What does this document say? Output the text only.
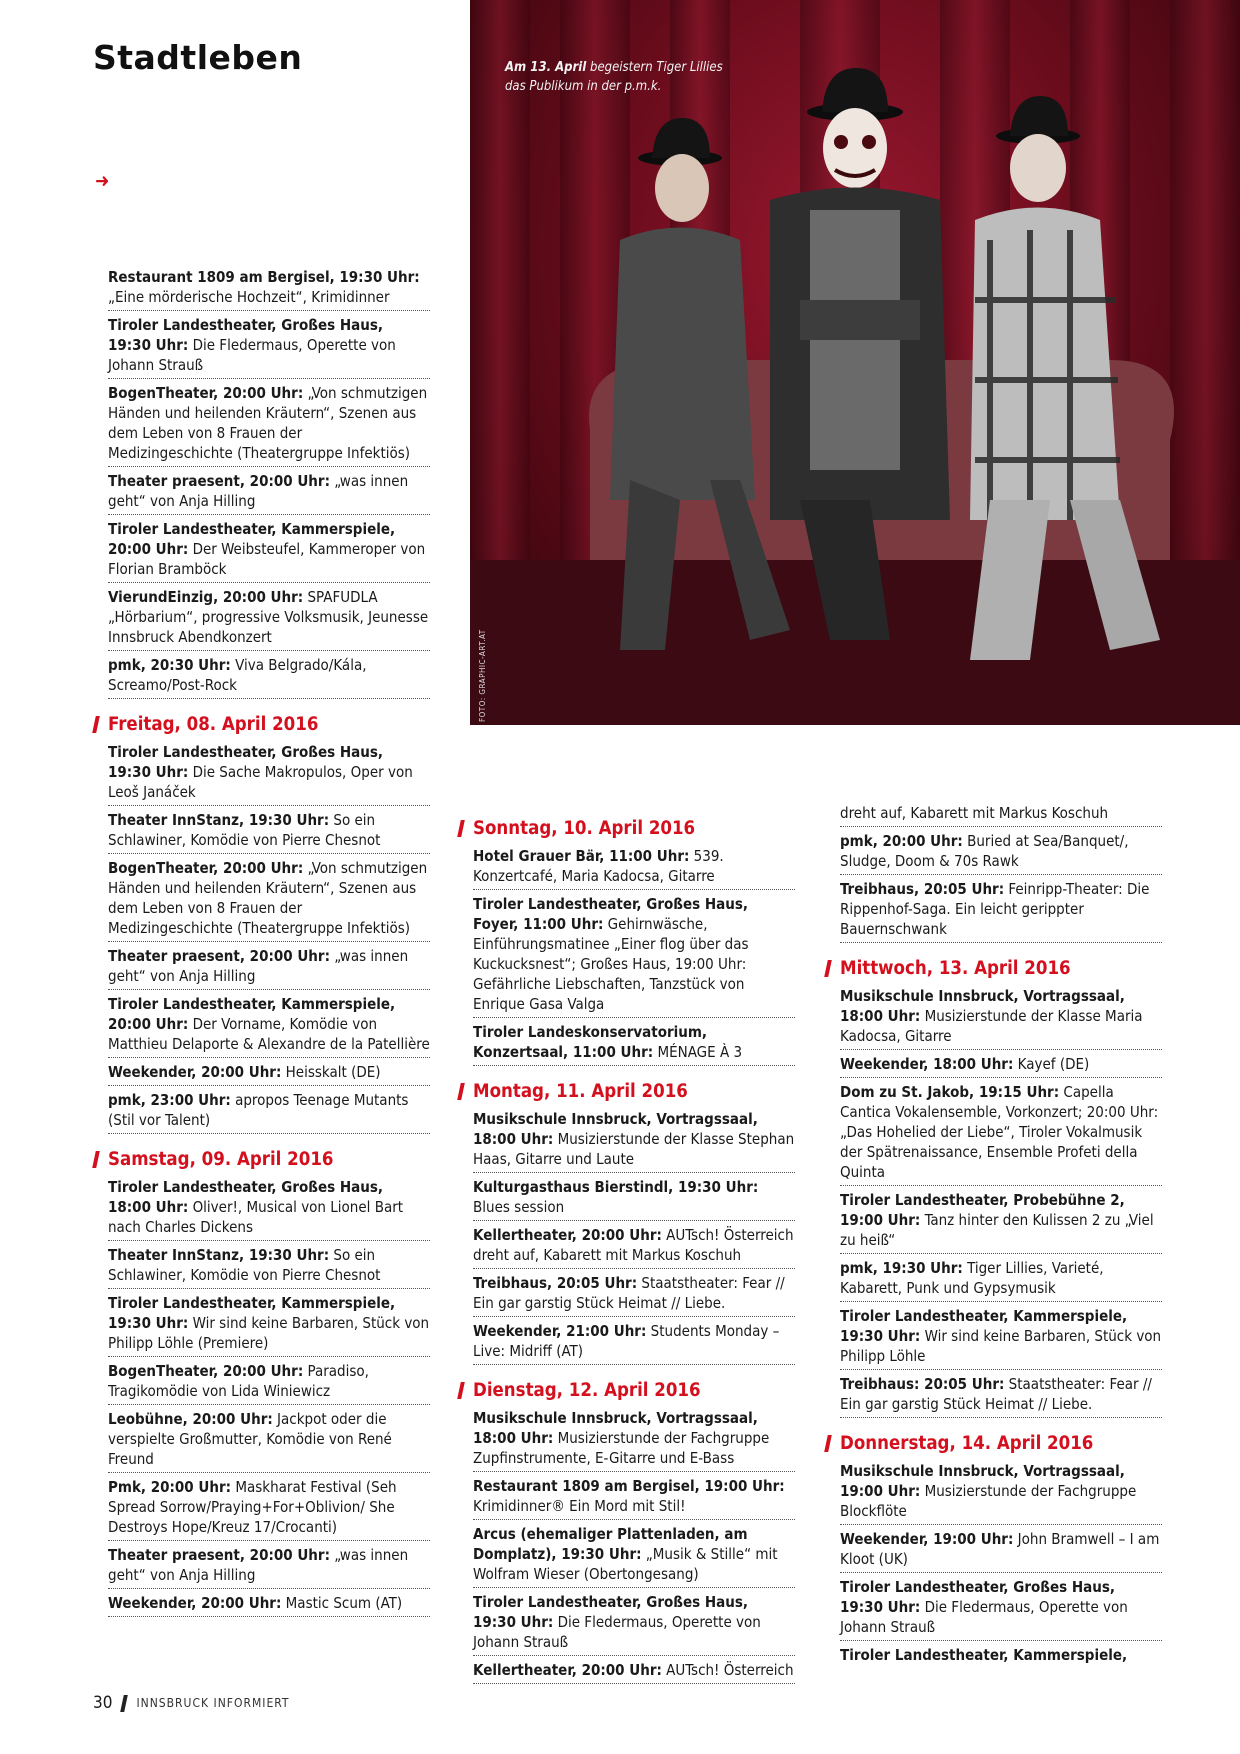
Stadtleben
➜
Am 13. April begeistern Tiger Lillies das Publikum in der p.m.k.
FOTO: GRAPHIC-ART.AT
Restaurant 1809 am Bergisel, 19:30 Uhr: „Eine mörderische Hochzeit“, Krimidinner
Tiroler Landestheater, Großes Haus, 19:30 Uhr: Die Fledermaus, Operette von Johann Strauß
BogenTheater, 20:00 Uhr: „Von schmutzigen Händen und heilenden Kräutern“, Szenen aus dem Leben von 8 Frauen der Medizingeschichte (Theatergruppe Infektiös)
Theater praesent, 20:00 Uhr: „was innen geht“ von Anja Hilling
Tiroler Landestheater, Kammerspiele, 20:00 Uhr: Der Weibsteufel, Kammeroper von Florian Bramböck
VierundEinzig, 20:00 Uhr: SPAFUDLA „Hörbarium“, progressive Volksmusik, Jeunesse Innsbruck Abendkonzert
pmk, 20:30 Uhr: Viva Belgrado/Kála, Screamo/Post-Rock
Freitag, 08. April 2016
Tiroler Landestheater, Großes Haus, 19:30 Uhr: Die Sache Makropulos, Oper von Leoš Janáček
Theater InnStanz, 19:30 Uhr: So ein Schlawiner, Komödie von Pierre Chesnot
BogenTheater, 20:00 Uhr: „Von schmutzigen Händen und heilenden Kräutern“, Szenen aus dem Leben von 8 Frauen der Medizingeschichte (Theatergruppe Infektiös)
Theater praesent, 20:00 Uhr: „was innen geht“ von Anja Hilling
Tiroler Landestheater, Kammerspiele, 20:00 Uhr: Der Vorname, Komödie von Matthieu Delaporte & Alexandre de la Patellière
Weekender, 20:00 Uhr: Heisskalt (DE)
pmk, 23:00 Uhr: apropos Teenage Mutants (Stil vor Talent)
Samstag, 09. April 2016
Tiroler Landestheater, Großes Haus, 18:00 Uhr: Oliver!, Musical von Lionel Bart nach Charles Dickens
Theater InnStanz, 19:30 Uhr: So ein Schlawiner, Komödie von Pierre Chesnot
Tiroler Landestheater, Kammerspiele, 19:30 Uhr: Wir sind keine Barbaren, Stück von Philipp Löhle (Premiere)
BogenTheater, 20:00 Uhr: Paradiso, Tragikomödie von Lida Winiewicz
Leobühne, 20:00 Uhr: Jackpot oder die verspielte Großmutter, Komödie von René Freund
Pmk, 20:00 Uhr: Maskharat Festival (Seh Spread Sorrow/Praying+For+Oblivion/ She Destroys Hope/Kreuz 17/Crocanti)
Theater praesent, 20:00 Uhr: „was innen geht“ von Anja Hilling
Weekender, 20:00 Uhr: Mastic Scum (AT)
Sonntag, 10. April 2016
Hotel Grauer Bär, 11:00 Uhr: 539. Konzertcafé, Maria Kadocsa, Gitarre
Tiroler Landestheater, Großes Haus, Foyer, 11:00 Uhr: Gehirnwäsche, Einführungsmatinee „Einer flog über das Kuckucksnest“; Großes Haus, 19:00 Uhr: Gefährliche Liebschaften, Tanzstück von Enrique Gasa Valga
Tiroler Landeskonservatorium, Konzertsaal, 11:00 Uhr: MÉNAGE À 3
Montag, 11. April 2016
Musikschule Innsbruck, Vortragssaal, 18:00 Uhr: Musizierstunde der Klasse Stephan Haas, Gitarre und Laute
Kulturgasthaus Bierstindl, 19:30 Uhr: Blues session
Kellertheater, 20:00 Uhr: AUTsch! Österreich dreht auf, Kabarett mit Markus Koschuh
Treibhaus, 20:05 Uhr: Staatstheater: Fear // Ein gar garstig Stück Heimat // Liebe.
Weekender, 21:00 Uhr: Students Monday – Live: Midriff (AT)
Dienstag, 12. April 2016
Musikschule Innsbruck, Vortragssaal, 18:00 Uhr: Musizierstunde der Fachgruppe Zupfinstrumente, E-Gitarre und E-Bass
Restaurant 1809 am Bergisel, 19:00 Uhr: Krimidinner® Ein Mord mit Stil!
Arcus (ehemaliger Plattenladen, am Domplatz), 19:30 Uhr: „Musik & Stille“ mit Wolfram Wieser (Obertongesang)
Tiroler Landestheater, Großes Haus, 19:30 Uhr: Die Fledermaus, Operette von Johann Strauß
Kellertheater, 20:00 Uhr: AUTsch! Österreich
dreht auf, Kabarett mit Markus Koschuh
pmk, 20:00 Uhr: Buried at Sea/Banquet/, Sludge, Doom & 70s Rawk
Treibhaus, 20:05 Uhr: Feinripp-Theater: Die Rippenhof-Saga. Ein leicht gerippter Bauernschwank
Mittwoch, 13. April 2016
Musikschule Innsbruck, Vortragssaal, 18:00 Uhr: Musizierstunde der Klasse Maria Kadocsa, Gitarre
Weekender, 18:00 Uhr: Kayef (DE)
Dom zu St. Jakob, 19:15 Uhr: Capella Cantica Vokalensemble, Vorkonzert; 20:00 Uhr: „Das Hohelied der Liebe“, Tiroler Vokalmusik der Spätrenaissance, Ensemble Profeti della Quinta
Tiroler Landestheater, Probebühne 2, 19:00 Uhr: Tanz hinter den Kulissen 2 zu „Viel zu heiß“
pmk, 19:30 Uhr: Tiger Lillies, Varieté, Kabarett, Punk und Gypsymusik
Tiroler Landestheater, Kammerspiele, 19:30 Uhr: Wir sind keine Barbaren, Stück von Philipp Löhle
Treibhaus: 20:05 Uhr: Staatstheater: Fear // Ein gar garstig Stück Heimat // Liebe.
Donnerstag, 14. April 2016
Musikschule Innsbruck, Vortragssaal, 19:00 Uhr: Musizierstunde der Fachgruppe Blockflöte
Weekender, 19:00 Uhr: John Bramwell – I am Kloot (UK)
Tiroler Landestheater, Großes Haus, 19:30 Uhr: Die Fledermaus, Operette von Johann Strauß
Tiroler Landestheater, Kammerspiele,
30 INNSBRUCK INFORMIERT
